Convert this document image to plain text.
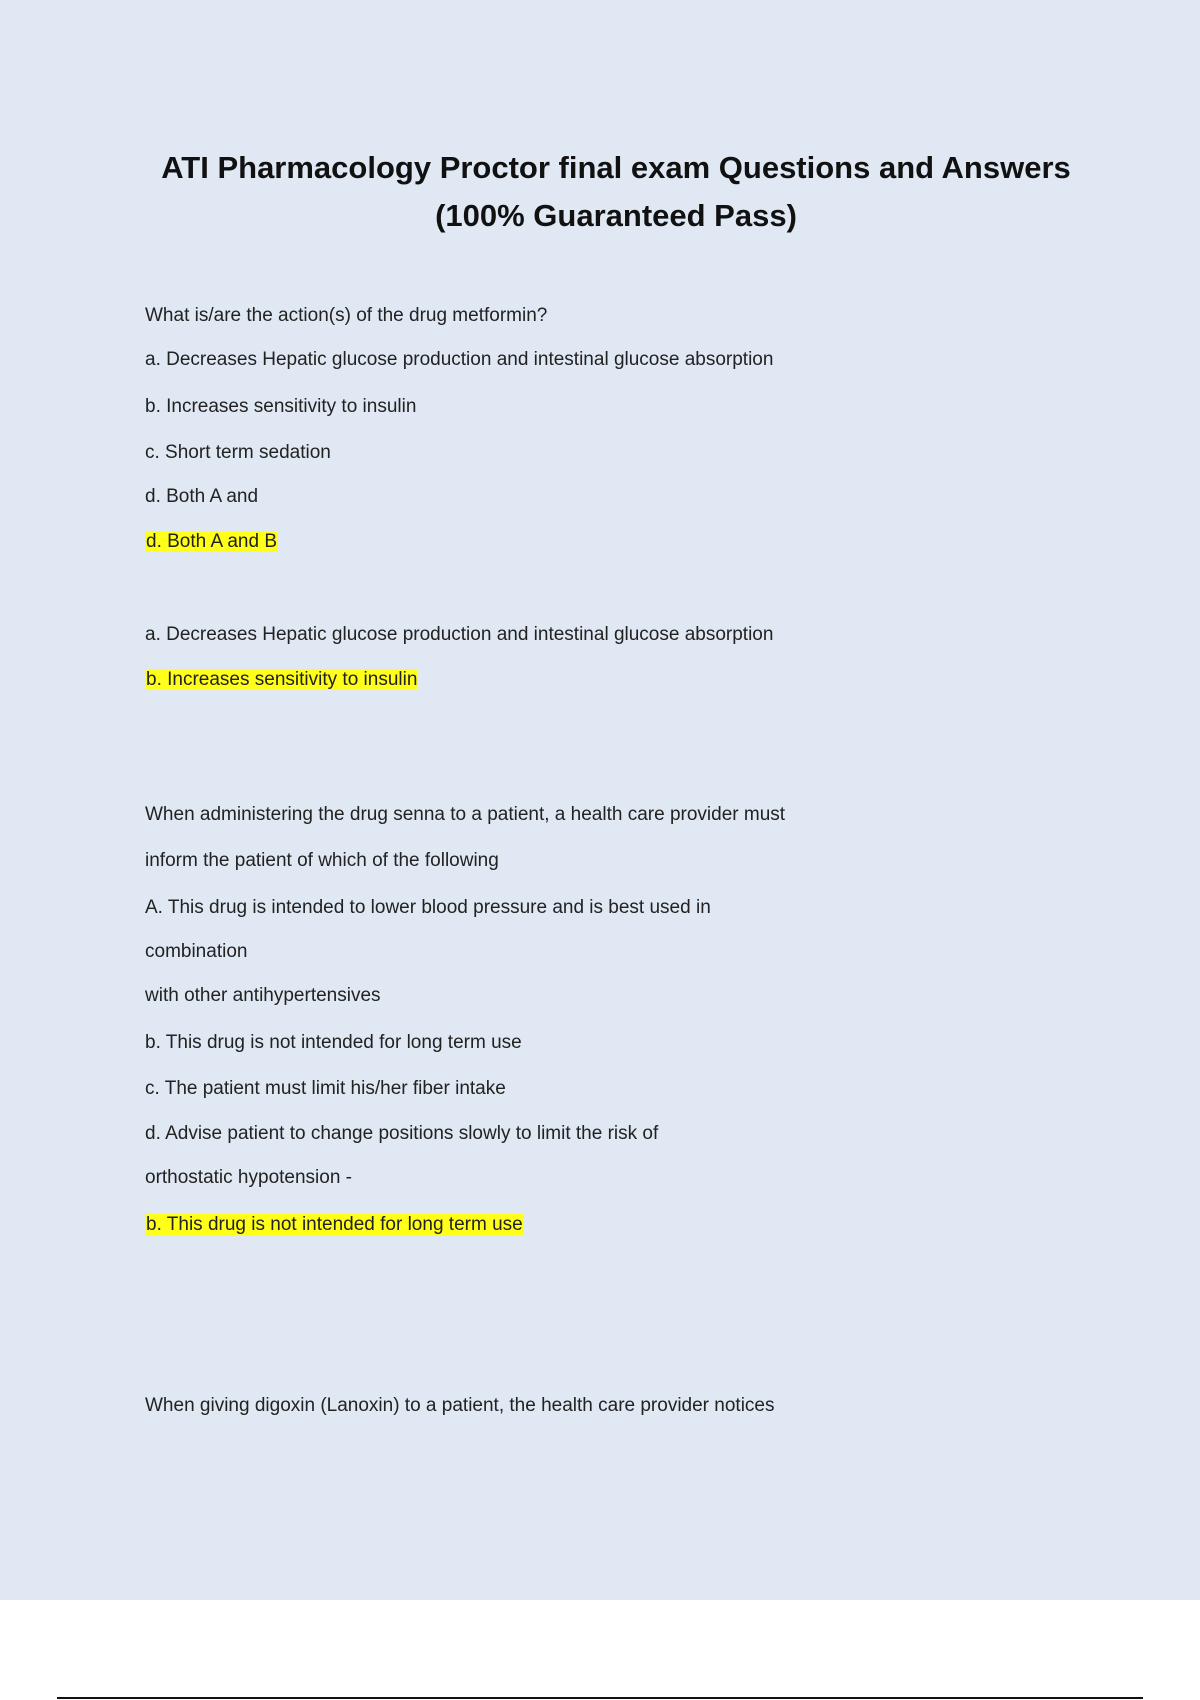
ATI Pharmacology Proctor final exam Questions and Answers
(100% Guaranteed Pass)
What is/are the action(s) of the drug metformin?
a. Decreases Hepatic glucose production and intestinal glucose absorption
b. Increases sensitivity to insulin
c. Short term sedation
d. Both A and
d. Both A and B
a. Decreases Hepatic glucose production and intestinal glucose absorption
b. Increases sensitivity to insulin
When administering the drug senna to a patient, a health care provider must
inform the patient of which of the following
A. This drug is intended to lower blood pressure and is best used in
combination
with other antihypertensives
b. This drug is not intended for long term use
c. The patient must limit his/her fiber intake
d. Advise patient to change positions slowly to limit the risk of
orthostatic hypotension -
b. This drug is not intended for long term use
When giving digoxin (Lanoxin) to a patient, the health care provider notices
